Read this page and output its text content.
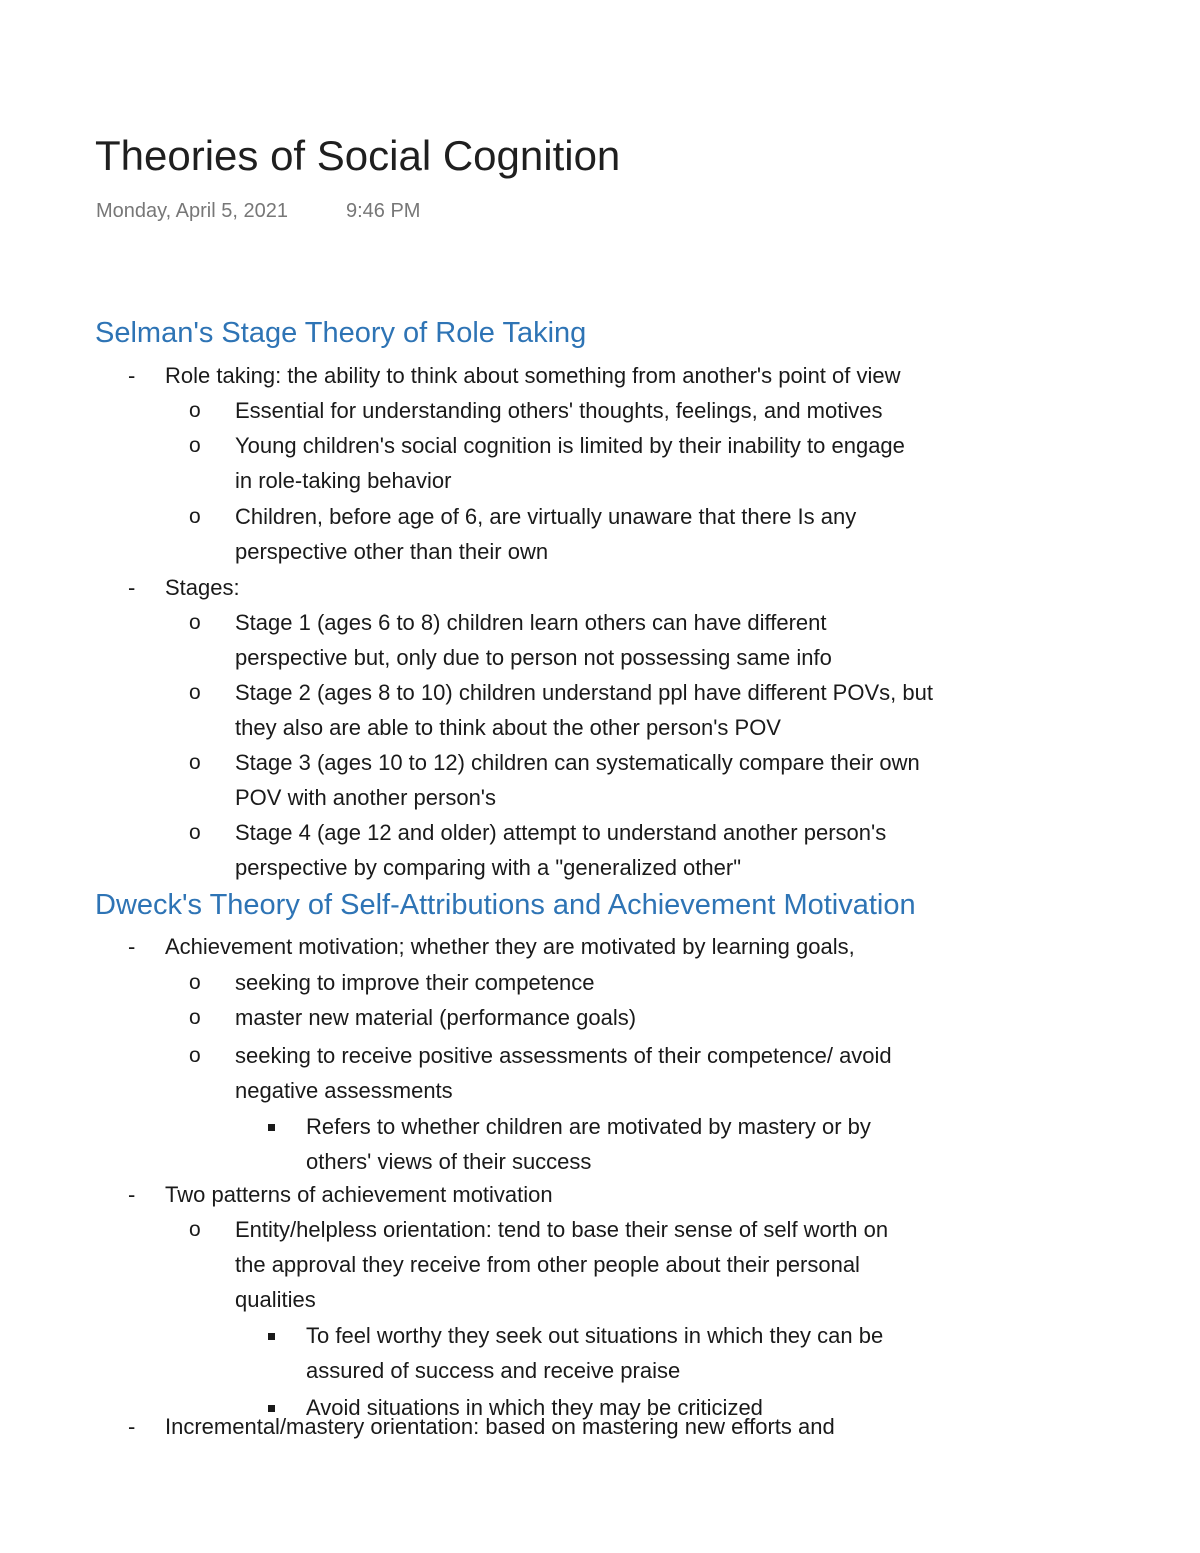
Theories of Social Cognition
Monday, April 5, 2021	9:46 PM
Selman's Stage Theory of Role Taking
- Role taking: the ability to think about something from another's point of view
o Essential for understanding others' thoughts, feelings, and motives
o Young children's social cognition is limited by their inability to engage
in role-taking behavior
o Children, before age of 6, are virtually unaware that there Is any
perspective other than their own
- Stages:
o Stage 1 (ages 6 to 8) children learn others can have different
perspective but, only due to person not possessing same info
o Stage 2 (ages 8 to 10) children understand ppl have different POVs, but
they also are able to think about the other person's POV
o Stage 3 (ages 10 to 12) children can systematically compare their own
POV with another person's
o Stage 4 (age 12 and older) attempt to understand another person's
perspective by comparing with a "generalized other"
Dweck's Theory of Self-Attributions and Achievement Motivation
- Achievement motivation; whether they are motivated by learning goals,
o seeking to improve their competence
o master new material (performance goals)
o seeking to receive positive assessments of their competence/ avoid
negative assessments
Refers to whether children are motivated by mastery or by
others' views of their success
- Two patterns of achievement motivation
o Entity/helpless orientation: tend to base their sense of self worth on
the approval they receive from other people about their personal
qualities
To feel worthy they seek out situations in which they can be
assured of success and receive praise
Avoid situations in which they may be criticized
- Incremental/mastery orientation: based on mastering new efforts and
